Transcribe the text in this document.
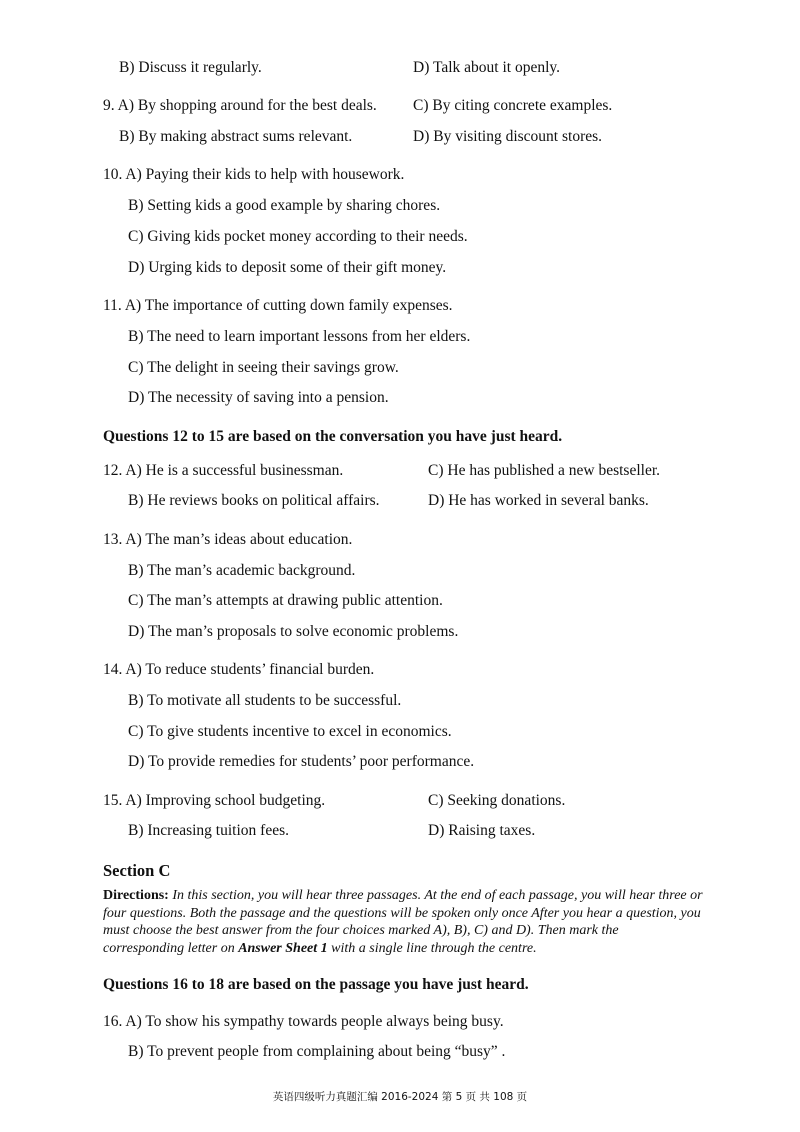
B) Discuss it regularly.	D) Talk about it openly.
9. A) By shopping around for the best deals. C) By citing concrete examples.
B) By making abstract sums relevant.	D) By visiting discount stores.
10. A) Paying their kids to help with housework.
B) Setting kids a good example by sharing chores.
C) Giving kids pocket money according to their needs.
D) Urging kids to deposit some of their gift money.
11. A) The importance of cutting down family expenses.
B) The need to learn important lessons from her elders.
C) The delight in seeing their savings grow.
D) The necessity of saving into a pension.
Questions 12 to 15 are based on the conversation you have just heard.
12. A) He is a successful businessman.	C) He has published a new bestseller.
B) He reviews books on political affairs.	D) He has worked in several banks.
13. A) The man’s ideas about education.
B) The man’s academic background.
C) The man’s attempts at drawing public attention.
D) The man’s proposals to solve economic problems.
14. A) To reduce students’ financial burden.
B) To motivate all students to be successful.
C) To give students incentive to excel in economics.
D) To provide remedies for students’ poor performance.
15. A) Improving school budgeting.	C) Seeking donations.
B) Increasing tuition fees.	D) Raising taxes.
Section C
Directions: In this section, you will hear three passages. At the end of each passage, you will hear three or four questions. Both the passage and the questions will be spoken only once After you hear a question, you must choose the best answer from the four choices marked A), B), C) and D). Then mark the corresponding letter on Answer Sheet 1 with a single line through the centre.
Questions 16 to 18 are based on the passage you have just heard.
16. A) To show his sympathy towards people always being busy.
B) To prevent people from complaining about being “busy” .
英语四级听力真题汇编 2016-2024 第 5 页 共 108 页
